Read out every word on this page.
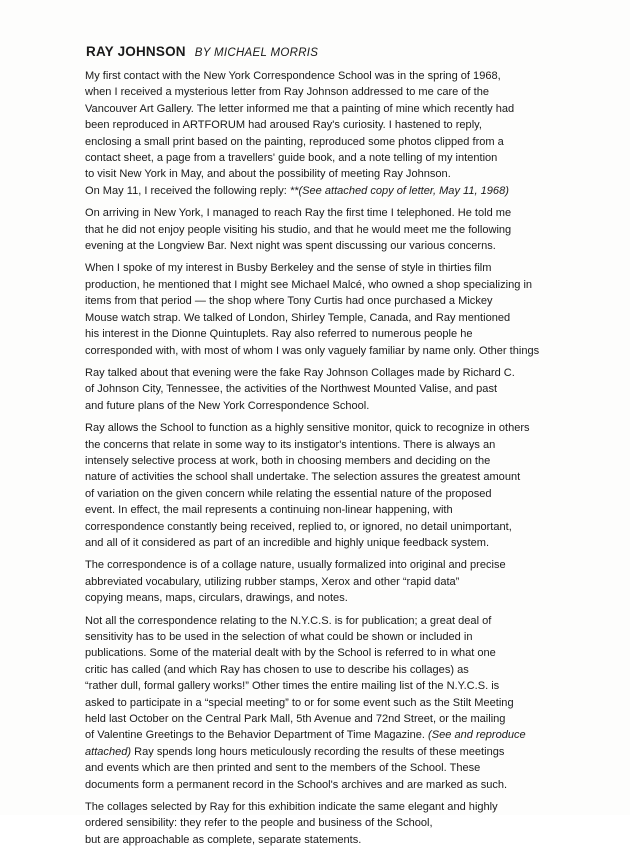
RAY JOHNSON BY MICHAEL MORRIS
My first contact with the New York Correspondence School was in the spring of 1968,
when I received a mysterious letter from Ray Johnson addressed to me care of the
Vancouver Art Gallery. The letter informed me that a painting of mine which recently had
been reproduced in ARTFORUM had aroused Ray's curiosity. I hastened to reply,
enclosing a small print based on the painting, reproduced some photos clipped from a
contact sheet, a page from a travellers' guide book, and a note telling of my intention
to visit New York in May, and about the possibility of meeting Ray Johnson.
On May 11, I received the following reply: **(See attached copy of letter, May 11, 1968)
On arriving in New York, I managed to reach Ray the first time I telephoned. He told me
that he did not enjoy people visiting his studio, and that he would meet me the following
evening at the Longview Bar. Next night was spent discussing our various concerns.
When I spoke of my interest in Busby Berkeley and the sense of style in thirties film
production, he mentioned that I might see Michael Malcé, who owned a shop specializing in
items from that period — the shop where Tony Curtis had once purchased a Mickey
Mouse watch strap. We talked of London, Shirley Temple, Canada, and Ray mentioned
his interest in the Dionne Quintuplets. Ray also referred to numerous people he
corresponded with, with most of whom I was only vaguely familiar by name only. Other things
Ray talked about that evening were the fake Ray Johnson Collages made by Richard C.
of Johnson City, Tennessee, the activities of the Northwest Mounted Valise, and past
and future plans of the New York Correspondence School.
Ray allows the School to function as a highly sensitive monitor, quick to recognize in others
the concerns that relate in some way to its instigator's intentions. There is always an
intensely selective process at work, both in choosing members and deciding on the
nature of activities the school shall undertake. The selection assures the greatest amount
of variation on the given concern while relating the essential nature of the proposed
event. In effect, the mail represents a continuing non-linear happening, with
correspondence constantly being received, replied to, or ignored, no detail unimportant,
and all of it considered as part of an incredible and highly unique feedback system.
The correspondence is of a collage nature, usually formalized into original and precise
abbreviated vocabulary, utilizing rubber stamps, Xerox and other “rapid data”
copying means, maps, circulars, drawings, and notes.
Not all the correspondence relating to the N.Y.C.S. is for publication; a great deal of
sensitivity has to be used in the selection of what could be shown or included in
publications. Some of the material dealt with by the School is referred to in what one
critic has called (and which Ray has chosen to use to describe his collages) as
“rather dull, formal gallery works!” Other times the entire mailing list of the N.Y.C.S. is
asked to participate in a “special meeting” to or for some event such as the Stilt Meeting
held last October on the Central Park Mall, 5th Avenue and 72nd Street, or the mailing
of Valentine Greetings to the Behavior Department of Time Magazine. (See and reproduce
attached) Ray spends long hours meticulously recording the results of these meetings
and events which are then printed and sent to the members of the School. These
documents form a permanent record in the School's archives and are marked as such.
The collages selected by Ray for this exhibition indicate the same elegant and highly
ordered sensibility: they refer to the people and business of the School,
but are approachable as complete, separate statements.
